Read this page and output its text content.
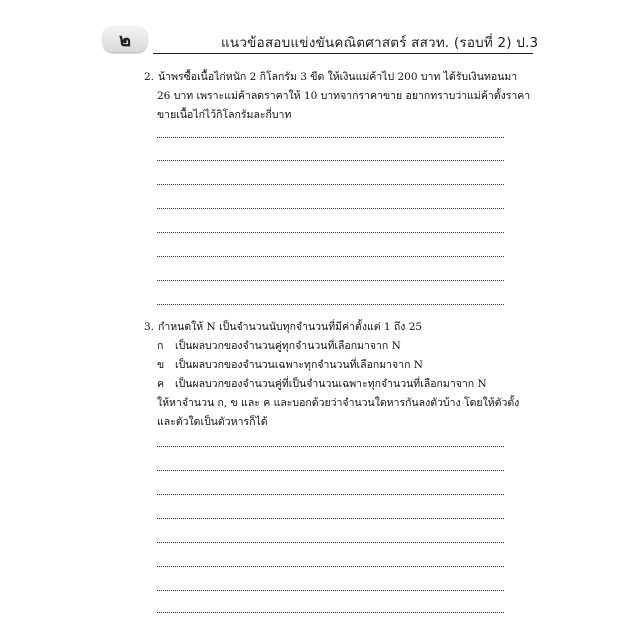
๒	แนวข้อสอบแข่งขันคณิตศาสตร์ สสวท. (รอบที่ 2) ป.3

2. น้าพรซื้อเนื้อไก่หนัก 2 กิโลกรัม 3 ขีด ให้เงินแม่ค้าไป 200 บาท ได้รับเงินทอนมา

26 บาท เพราะแม่ค้าลดราคาให้ 10 บาทจากราคาขาย อยากทราบว่าแม่ค้าตั้งราคา

ขายเนื้อไก่ไว้กิโลกรัมละกี่บาท

3. กำหนดให้ N เป็นจำนวนนับทุกจำนวนที่มีค่าตั้งแต่ 1 ถึง 25

ก เป็นผลบวกของจำนวนคู่ทุกจำนวนที่เลือกมาจาก N

ข เป็นผลบวกของจำนวนเฉพาะทุกจำนวนที่เลือกมาจาก N

ค เป็นผลบวกของจำนวนคู่ที่เป็นจำนวนเฉพาะทุกจำนวนที่เลือกมาจาก N

ให้หาจำนวน ก, ข และ ค และบอกด้วยว่าจำนวนใดหารกันลงตัวบ้าง โดยให้ตัวตั้ง

และตัวใดเป็นตัวหารก็ได้
